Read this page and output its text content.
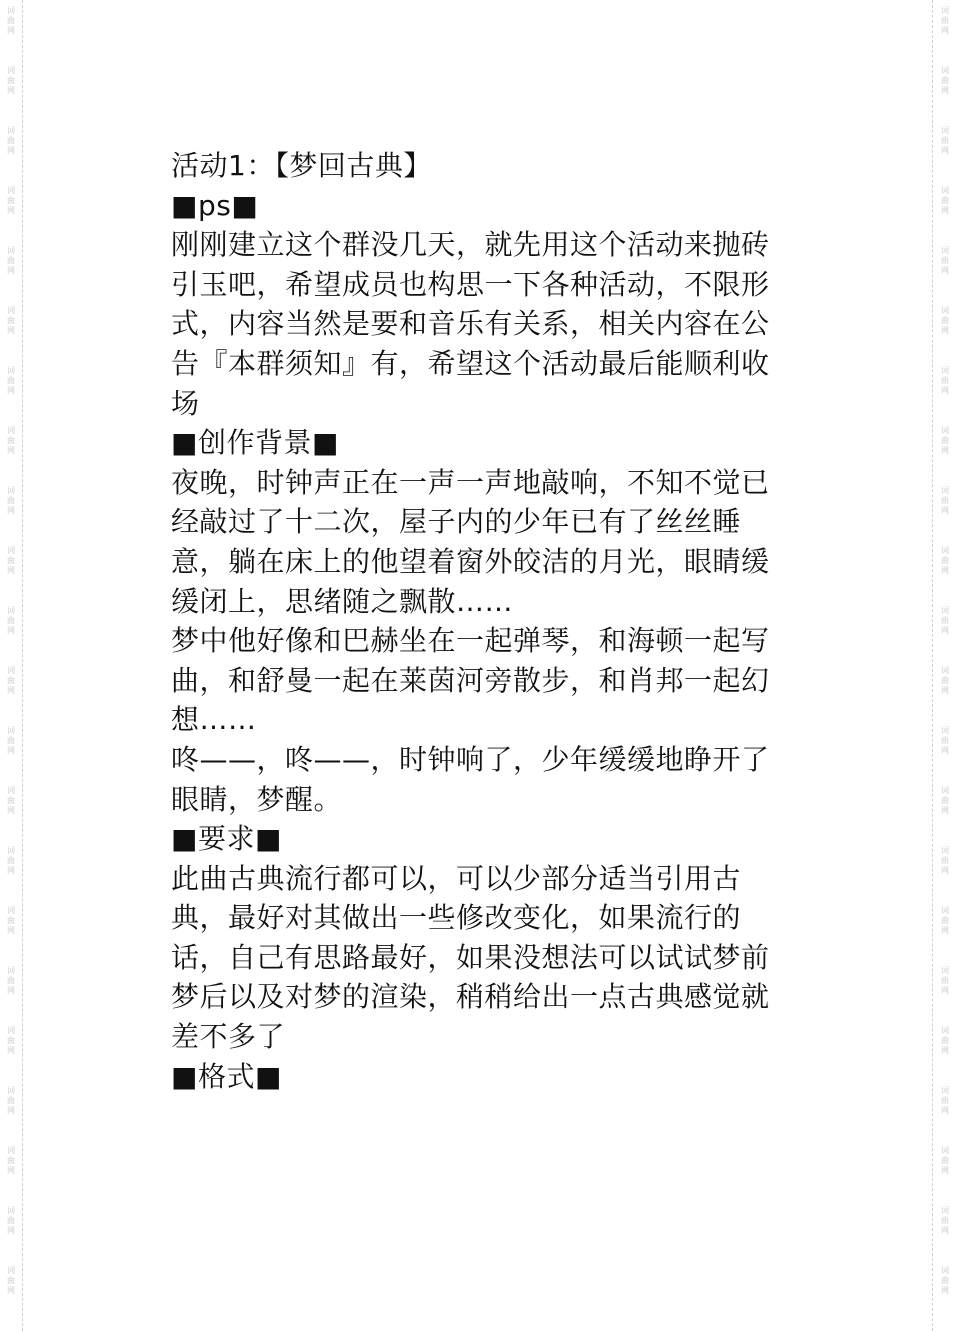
词
曲
网
词
曲
网
词
曲
网
词
曲
网
词
曲
网
词
曲
网
词
曲
网
词
曲
网
词
曲
网
词
曲
网
词
曲
网
词
曲
网
词
曲
网
词
曲
网
词
曲
网
词
曲
网
词
曲
网
词
曲
网
词
曲
网
词
曲
网
词
曲
网
词
曲
网
词
曲
网
词
曲
网
词
曲
网
词
曲
网
词
曲
网
词
曲
网
词
曲
网
词
曲
网
词
曲
网
词
曲
网
词
曲
网
词
曲
网
词
曲
网
词
曲
网
词
曲
网
词
曲
网
词
曲
网
词
曲
网
词
曲
网
词
曲
网
词
曲
网
词
曲
网

活动1：【梦回古典】

■ps■

刚刚建立这个群没几天，就先用这个活动来抛砖引玉吧，希望成员也构思一下各种活动，不限形式，内容当然是要和音乐有关系，相关内容在公告『本群须知』有，希望这个活动最后能顺利收场

■创作背景■

夜晚，时钟声正在一声一声地敲响，不知不觉已经敲过了十二次，屋子内的少年已有了丝丝睡意，躺在床上的他望着窗外皎洁的月光，眼睛缓缓闭上，思绪随之飘散……

梦中他好像和巴赫坐在一起弹琴，和海顿一起写曲，和舒曼一起在莱茵河旁散步，和肖邦一起幻想……

咚——，咚——，时钟响了，少年缓缓地睁开了眼睛，梦醒。

■要求■

此曲古典流行都可以，可以少部分适当引用古典，最好对其做出一些修改变化，如果流行的话，自己有思路最好，如果没想法可以试试梦前梦后以及对梦的渲染，稍稍给出一点古典感觉就差不多了

■格式■
